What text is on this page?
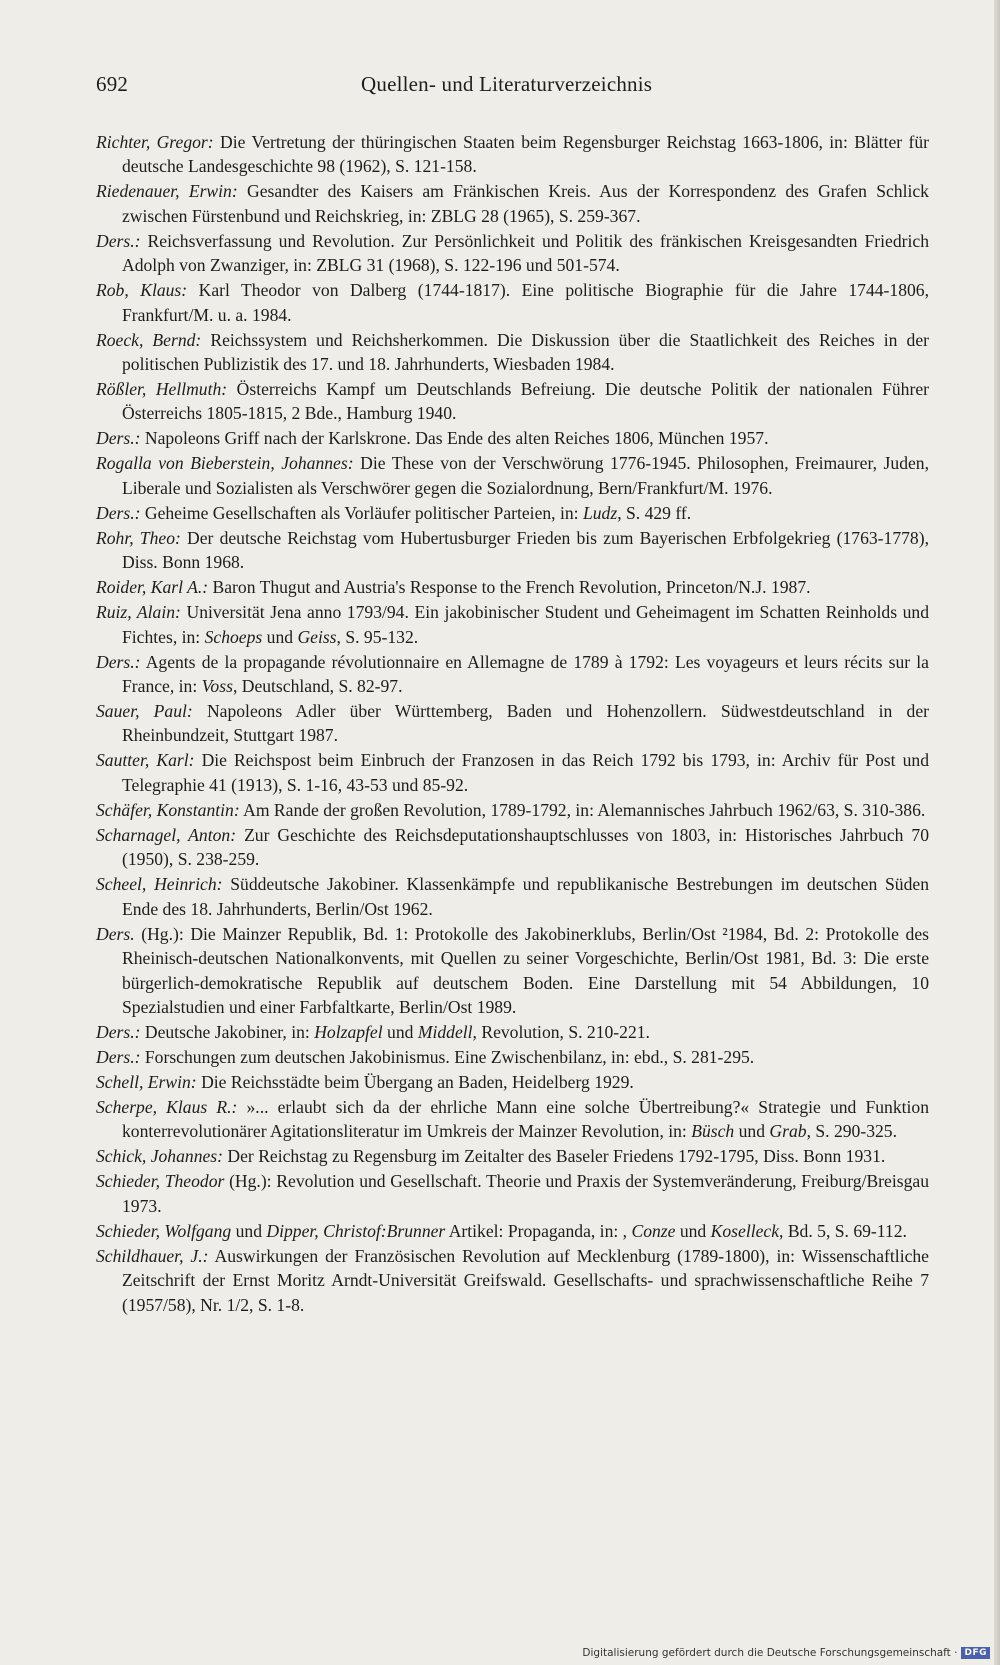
692	Quellen- und Literaturverzeichnis
Richter, Gregor: Die Vertretung der thüringischen Staaten beim Regensburger Reichstag 1663-1806, in: Blätter für deutsche Landesgeschichte 98 (1962), S. 121-158.
Riedenauer, Erwin: Gesandter des Kaisers am Fränkischen Kreis. Aus der Korrespondenz des Grafen Schlick zwischen Fürstenbund und Reichskrieg, in: ZBLG 28 (1965), S. 259-367.
Ders.: Reichsverfassung und Revolution. Zur Persönlichkeit und Politik des fränkischen Kreisgesandten Friedrich Adolph von Zwanziger, in: ZBLG 31 (1968), S. 122-196 und 501-574.
Rob, Klaus: Karl Theodor von Dalberg (1744-1817). Eine politische Biographie für die Jahre 1744-1806, Frankfurt/M. u. a. 1984.
Roeck, Bernd: Reichssystem und Reichsherkommen. Die Diskussion über die Staatlichkeit des Reiches in der politischen Publizistik des 17. und 18. Jahrhunderts, Wiesbaden 1984.
Rößler, Hellmuth: Österreichs Kampf um Deutschlands Befreiung. Die deutsche Politik der nationalen Führer Österreichs 1805-1815, 2 Bde., Hamburg 1940.
Ders.: Napoleons Griff nach der Karlskrone. Das Ende des alten Reiches 1806, München 1957.
Rogalla von Bieberstein, Johannes: Die These von der Verschwörung 1776-1945. Philosophen, Freimaurer, Juden, Liberale und Sozialisten als Verschwörer gegen die Sozialordnung, Bern/Frankfurt/M. 1976.
Ders.: Geheime Gesellschaften als Vorläufer politischer Parteien, in: Ludz, S. 429 ff.
Rohr, Theo: Der deutsche Reichstag vom Hubertusburger Frieden bis zum Bayerischen Erbfolgekrieg (1763-1778), Diss. Bonn 1968.
Roider, Karl A.: Baron Thugut and Austria's Response to the French Revolution, Princeton/N.J. 1987.
Ruiz, Alain: Universität Jena anno 1793/94. Ein jakobinischer Student und Geheimagent im Schatten Reinholds und Fichtes, in: Schoeps und Geiss, S. 95-132.
Ders.: Agents de la propagande révolutionnaire en Allemagne de 1789 à 1792: Les voyageurs et leurs récits sur la France, in: Voss, Deutschland, S. 82-97.
Sauer, Paul: Napoleons Adler über Württemberg, Baden und Hohenzollern. Südwestdeutschland in der Rheinbundzeit, Stuttgart 1987.
Sautter, Karl: Die Reichspost beim Einbruch der Franzosen in das Reich 1792 bis 1793, in: Archiv für Post und Telegraphie 41 (1913), S. 1-16, 43-53 und 85-92.
Schäfer, Konstantin: Am Rande der großen Revolution, 1789-1792, in: Alemannisches Jahrbuch 1962/63, S. 310-386.
Scharnagel, Anton: Zur Geschichte des Reichsdeputationshauptschlusses von 1803, in: Historisches Jahrbuch 70 (1950), S. 238-259.
Scheel, Heinrich: Süddeutsche Jakobiner. Klassenkämpfe und republikanische Bestrebungen im deutschen Süden Ende des 18. Jahrhunderts, Berlin/Ost 1962.
Ders. (Hg.): Die Mainzer Republik, Bd. 1: Protokolle des Jakobinerklubs, Berlin/Ost ²1984, Bd. 2: Protokolle des Rheinisch-deutschen Nationalkonvents, mit Quellen zu seiner Vorgeschichte, Berlin/Ost 1981, Bd. 3: Die erste bürgerlich-demokratische Republik auf deutschem Boden. Eine Darstellung mit 54 Abbildungen, 10 Spezialstudien und einer Farbfaltkarte, Berlin/Ost 1989.
Ders.: Deutsche Jakobiner, in: Holzapfel und Middell, Revolution, S. 210-221.
Ders.: Forschungen zum deutschen Jakobinismus. Eine Zwischenbilanz, in: ebd., S. 281-295.
Schell, Erwin: Die Reichsstädte beim Übergang an Baden, Heidelberg 1929.
Scherpe, Klaus R.: »... erlaubt sich da der ehrliche Mann eine solche Übertreibung?« Strategie und Funktion konterrevolutionärer Agitationsliteratur im Umkreis der Mainzer Revolution, in: Büsch und Grab, S. 290-325.
Schick, Johannes: Der Reichstag zu Regensburg im Zeitalter des Baseler Friedens 1792-1795, Diss. Bonn 1931.
Schieder, Theodor (Hg.): Revolution und Gesellschaft. Theorie und Praxis der Systemveränderung, Freiburg/Breisgau 1973.
Schieder, Wolfgang und Dipper, Christof:Brunner Artikel: Propaganda, in: , Conze und Koselleck, Bd. 5, S. 69-112.
Schildhauer, J.: Auswirkungen der Französischen Revolution auf Mecklenburg (1789-1800), in: Wissenschaftliche Zeitschrift der Ernst Moritz Arndt-Universität Greifswald. Gesellschafts- und sprachwissenschaftliche Reihe 7 (1957/58), Nr. 1/2, S. 1-8.
Digitalisierung gefördert durch die Deutsche Forschungsgemeinschaft · DFG
